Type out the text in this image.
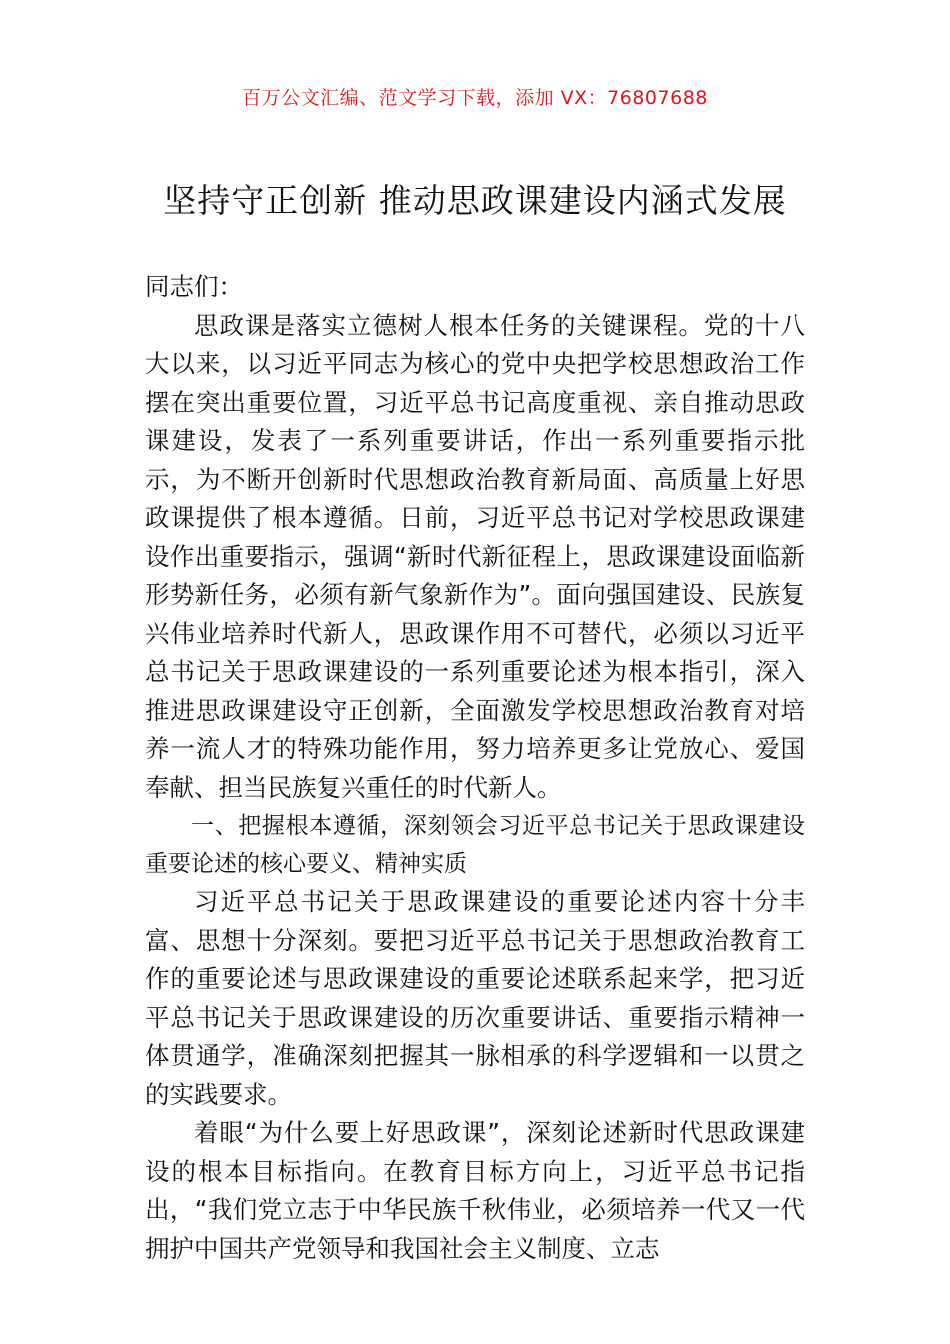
百万公文汇编、范文学习下载，添加 VX：76807688
坚持守正创新 推动思政课建设内涵式发展

同志们：

思政课是落实立德树人根本任务的关键课程。党的十八大以来，以习近平同志为核心的党中央把学校思想政治工作摆在突出重要位置，习近平总书记高度重视、亲自推动思政课建设，发表了一系列重要讲话，作出一系列重要指示批示，为不断开创新时代思想政治教育新局面、高质量上好思政课提供了根本遵循。日前，习近平总书记对学校思政课建设作出重要指示，强调“新时代新征程上，思政课建设面临新形势新任务，必须有新气象新作为”。面向强国建设、民族复兴伟业培养时代新人，思政课作用不可替代，必须以习近平总书记关于思政课建设的一系列重要论述为根本指引，深入推进思政课建设守正创新，全面激发学校思想政治教育对培养一流人才的特殊功能作用，努力培养更多让党放心、爱国奉献、担当民族复兴重任的时代新人。

一、把握根本遵循，深刻领会习近平总书记关于思政课建设重要论述的核心要义、精神实质

习近平总书记关于思政课建设的重要论述内容十分丰富、思想十分深刻。要把习近平总书记关于思想政治教育工作的重要论述与思政课建设的重要论述联系起来学，把习近平总书记关于思政课建设的历次重要讲话、重要指示精神一体贯通学，准确深刻把握其一脉相承的科学逻辑和一以贯之的实践要求。

着眼“为什么要上好思政课”，深刻论述新时代思政课建设的根本目标指向。在教育目标方向上，习近平总书记指出，“我们党立志于中华民族千秋伟业，必须培养一代又一代拥护中国共产党领导和我国社会主义制度、立志
